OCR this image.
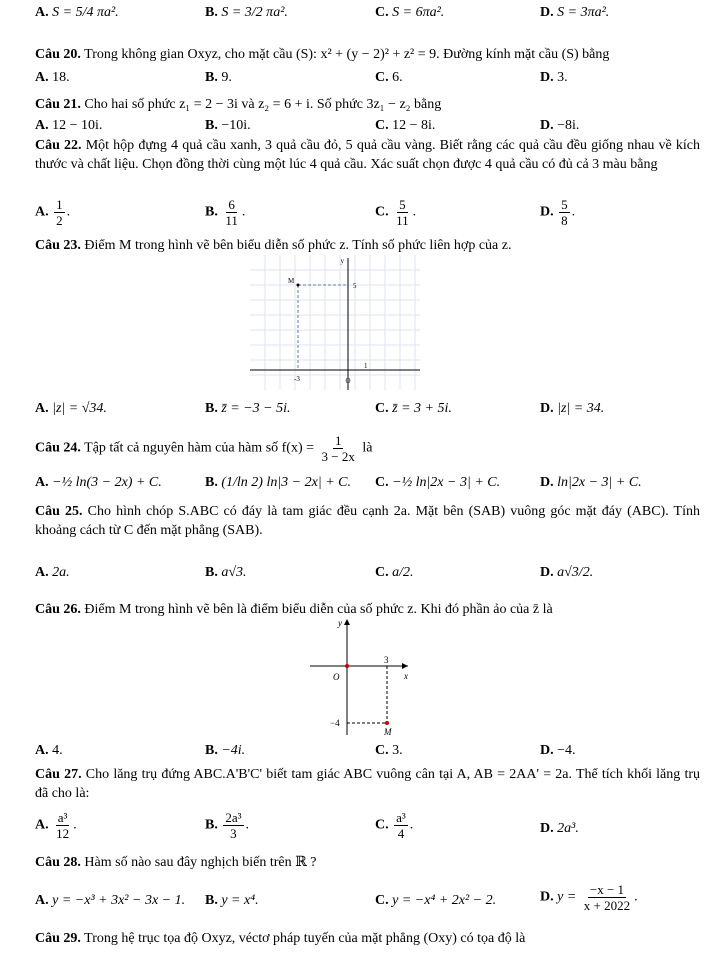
A. S = 5/4 πa².	B. S = 3/2 πa².	C. S = 6πa².	D. S = 3πa².
Câu 20. Trong không gian Oxyz, cho mặt cầu (S): x² + (y − 2)² + z² = 9. Đường kính mặt cầu (S) bằng
A. 18.	B. 9.	C. 6.	D. 3.
Câu 21. Cho hai số phức z₁ = 2 − 3i và z₂ = 6 + i. Số phức 3z₁ − z₂ bằng
A. 12 − 10i.	B. −10i.	C. 12 − 8i.	D. −8i.
Câu 22. Một hộp đựng 4 quả cầu xanh, 3 quả cầu đỏ, 5 quả cầu vàng. Biết rằng các quả cầu đều giống nhau về kích thước và chất liệu. Chọn đồng thời cùng một lúc 4 quả cầu. Xác suất chọn được 4 quả cầu có đủ cả 3 màu bằng
A. $\frac{1}{2}$ .	B. $\frac{6}{11}$ .	C. $\frac{5}{11}$ .	D. $\frac{5}{8}$ .
Câu 23. Điểm M trong hình vẽ bên biểu diễn số phức z. Tính số phức liên hợp của z.
y
M
5
-3	O
1
A. |z| = √34.	B. z̄ = −3 − 5i.	C. z̄ = 3 + 5i.	D. |z| = 34.
Câu 24. Tập tất cả nguyên hàm của hàm số $f(x) = \frac{1}{3 - 2x}$ là
A. −½ ln(3 − 2x) + C.	B. (1/ln 2) ln|3 − 2x| + C. C. −½ ln|2x − 3| + C.	D. ln|2x − 3| + C.
Câu 25. Cho hình chóp S.ABC có đáy là tam giác đều cạnh 2a. Mặt bên (SAB) vuông góc mặt đáy (ABC). Tính khoảng cách từ C đến mặt phẳng (SAB).
A. 2a.	B. a√3.	C. a/2.	D. a√3/2.
Câu 26. Điểm M trong hình vẽ bên là điểm biểu diễn của số phức z. Khi đó phần ảo của z̄ là
y
x
O
3
−4
M
A. 4.	B. −4i.	C. 3.	D. −4.
Câu 27. Cho lăng trụ đứng ABC.A'B'C' biết tam giác ABC vuông cân tại A, AB = 2AA' = 2a. Thể tích khối lăng trụ đã cho là:
A. $\frac{\text{a³}}{12}$ .	B. $\frac{\text{2a³}}{3}$ .	C. $\frac{\text{a³}}{4}$ .	D. 2a³.
Câu 28. Hàm số nào sau đây nghịch biến trên ℝ ?
A. y = −x³ + 3x² − 3x − 1. B. y = x⁴.	C. y = −x⁴ + 2x² − 2.	D. $y = \frac{-x - 1}{x + 2022}$ .
Câu 29. Trong hệ trục tọa độ Oxyz, véctơ pháp tuyến của mặt phẳng (Oxy) có tọa độ là
